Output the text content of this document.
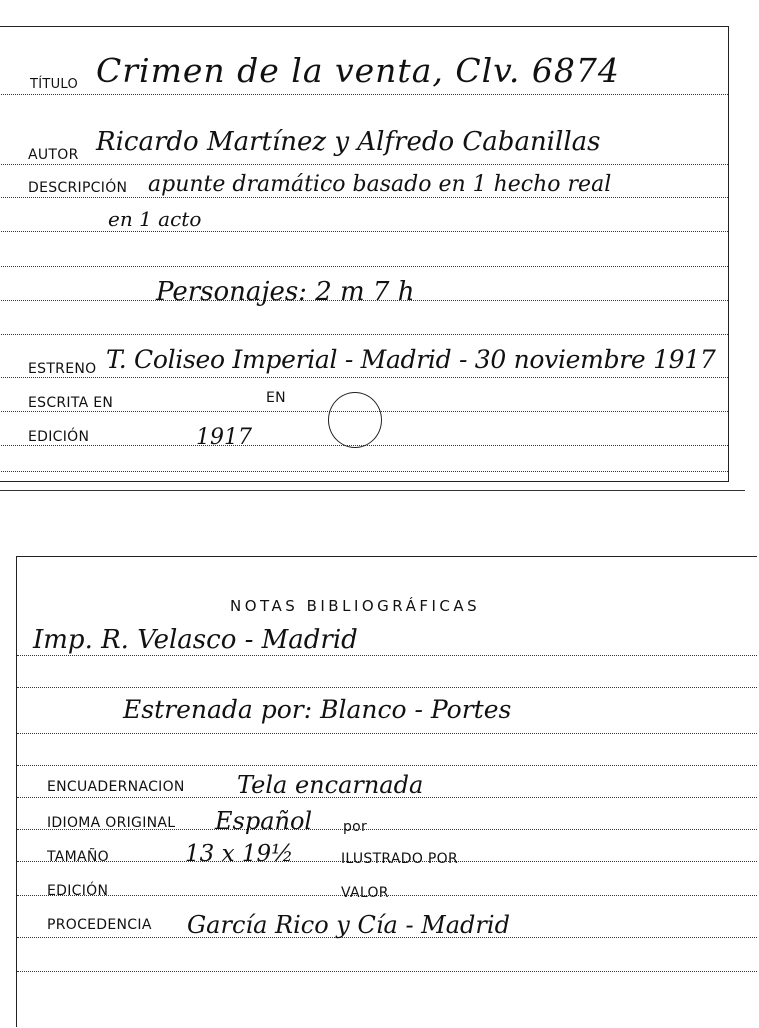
TÍTULO Crimen de la venta, Clv. 6874
AUTOR Ricardo Martínez y Alfredo Cabanillas
DESCRIPCIÓN apunte dramático basado en 1 hecho real
en 1 acto
Personajes: 2 m 7 h
ESTRENO T. Coliseo Imperial - Madrid - 30 noviembre 1917
ESCRITA EN	EN
EDICIÓN	1917
NOTAS BIBLIOGRÁFICAS
Imp. R. Velasco - Madrid
Estrenada por: Blanco - Portes
ENCUADERNACION Tela encarnada
IDIOMA ORIGINAL Español por
TAMAÑO	13 x 19½	ILUSTRADO POR
EDICIÓN	VALOR
PROCEDENCIA García Rico y Cía - Madrid
